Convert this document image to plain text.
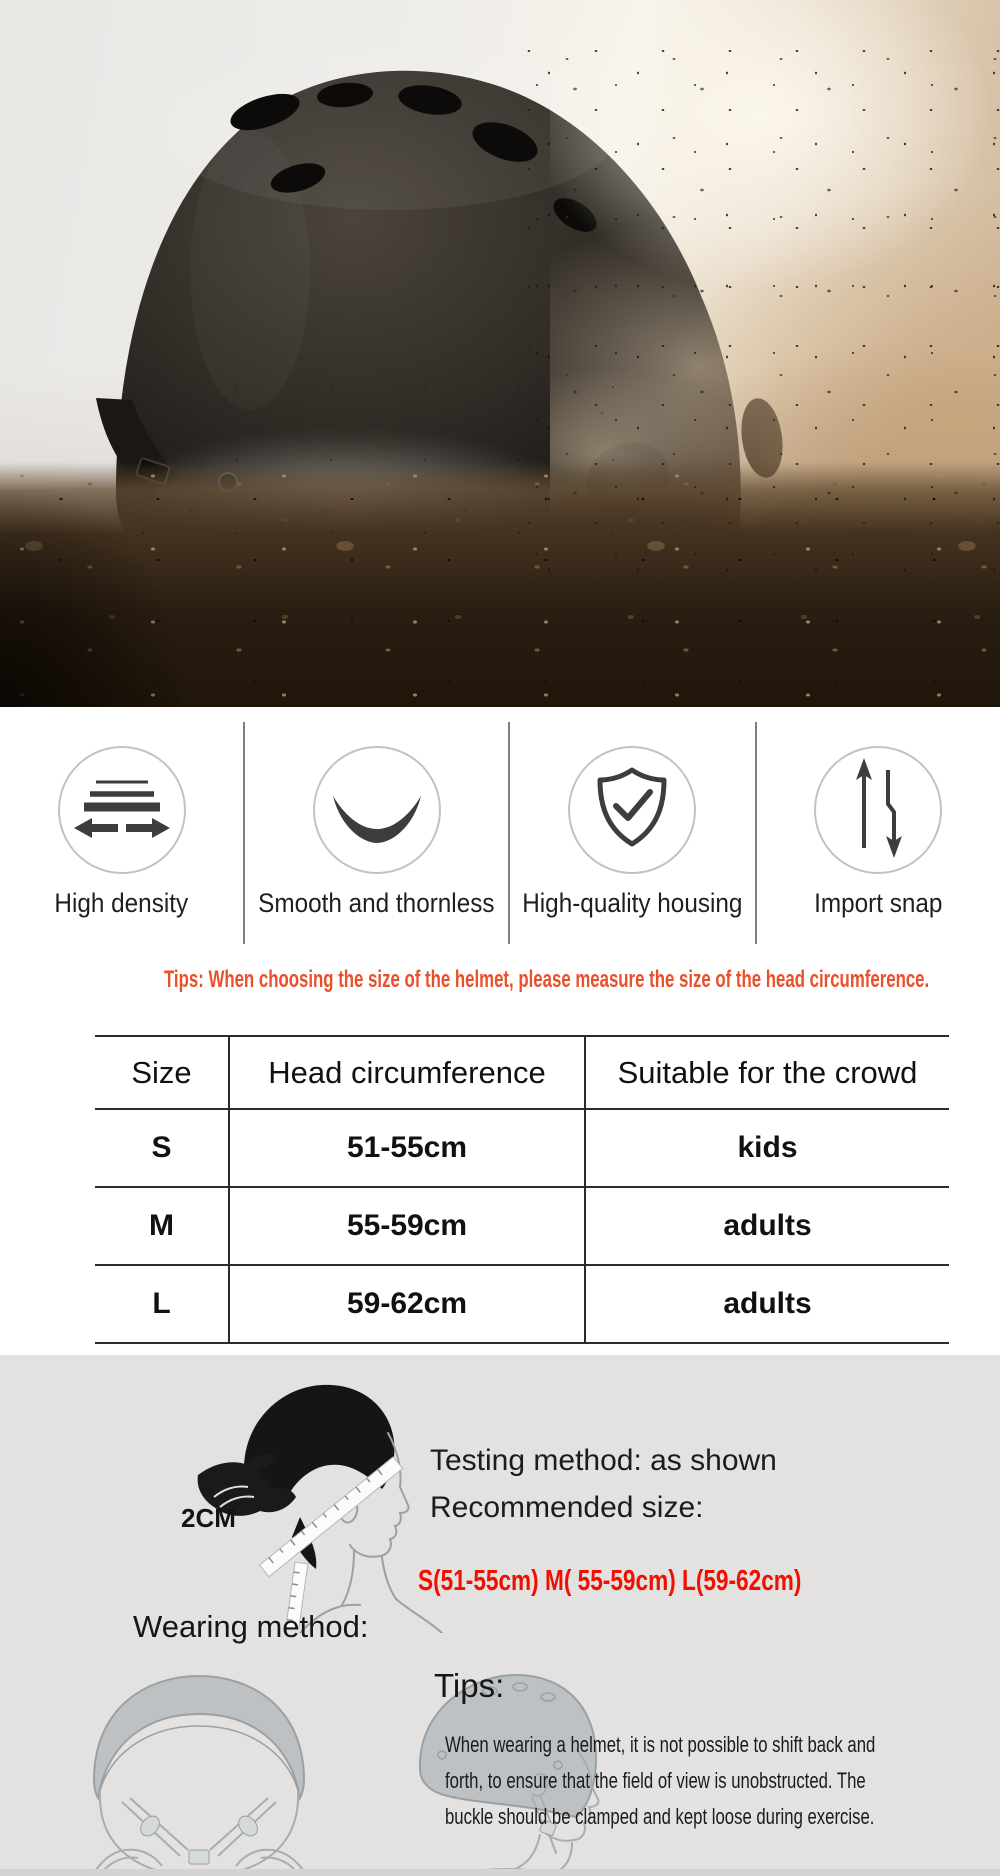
High density	Smooth and thornless High-quality housing	Import snap
Tips: When choosing the size of the helmet, please measure the size of the head circumference.
Size	Head circumference	Suitable for the crowd
S	51-55cm	kids
M	55-59cm	adults
L	59-62cm	adults
2CM
Testing method: as shown
Recommended size:
S(51-55cm) M( 55-59cm) L(59-62cm)
Wearing method:
Tips:
When wearing a helmet, it is not possible to shift back and
forth, to ensure that the field of view is unobstructed. The
buckle should be clamped and kept loose during exercise.
